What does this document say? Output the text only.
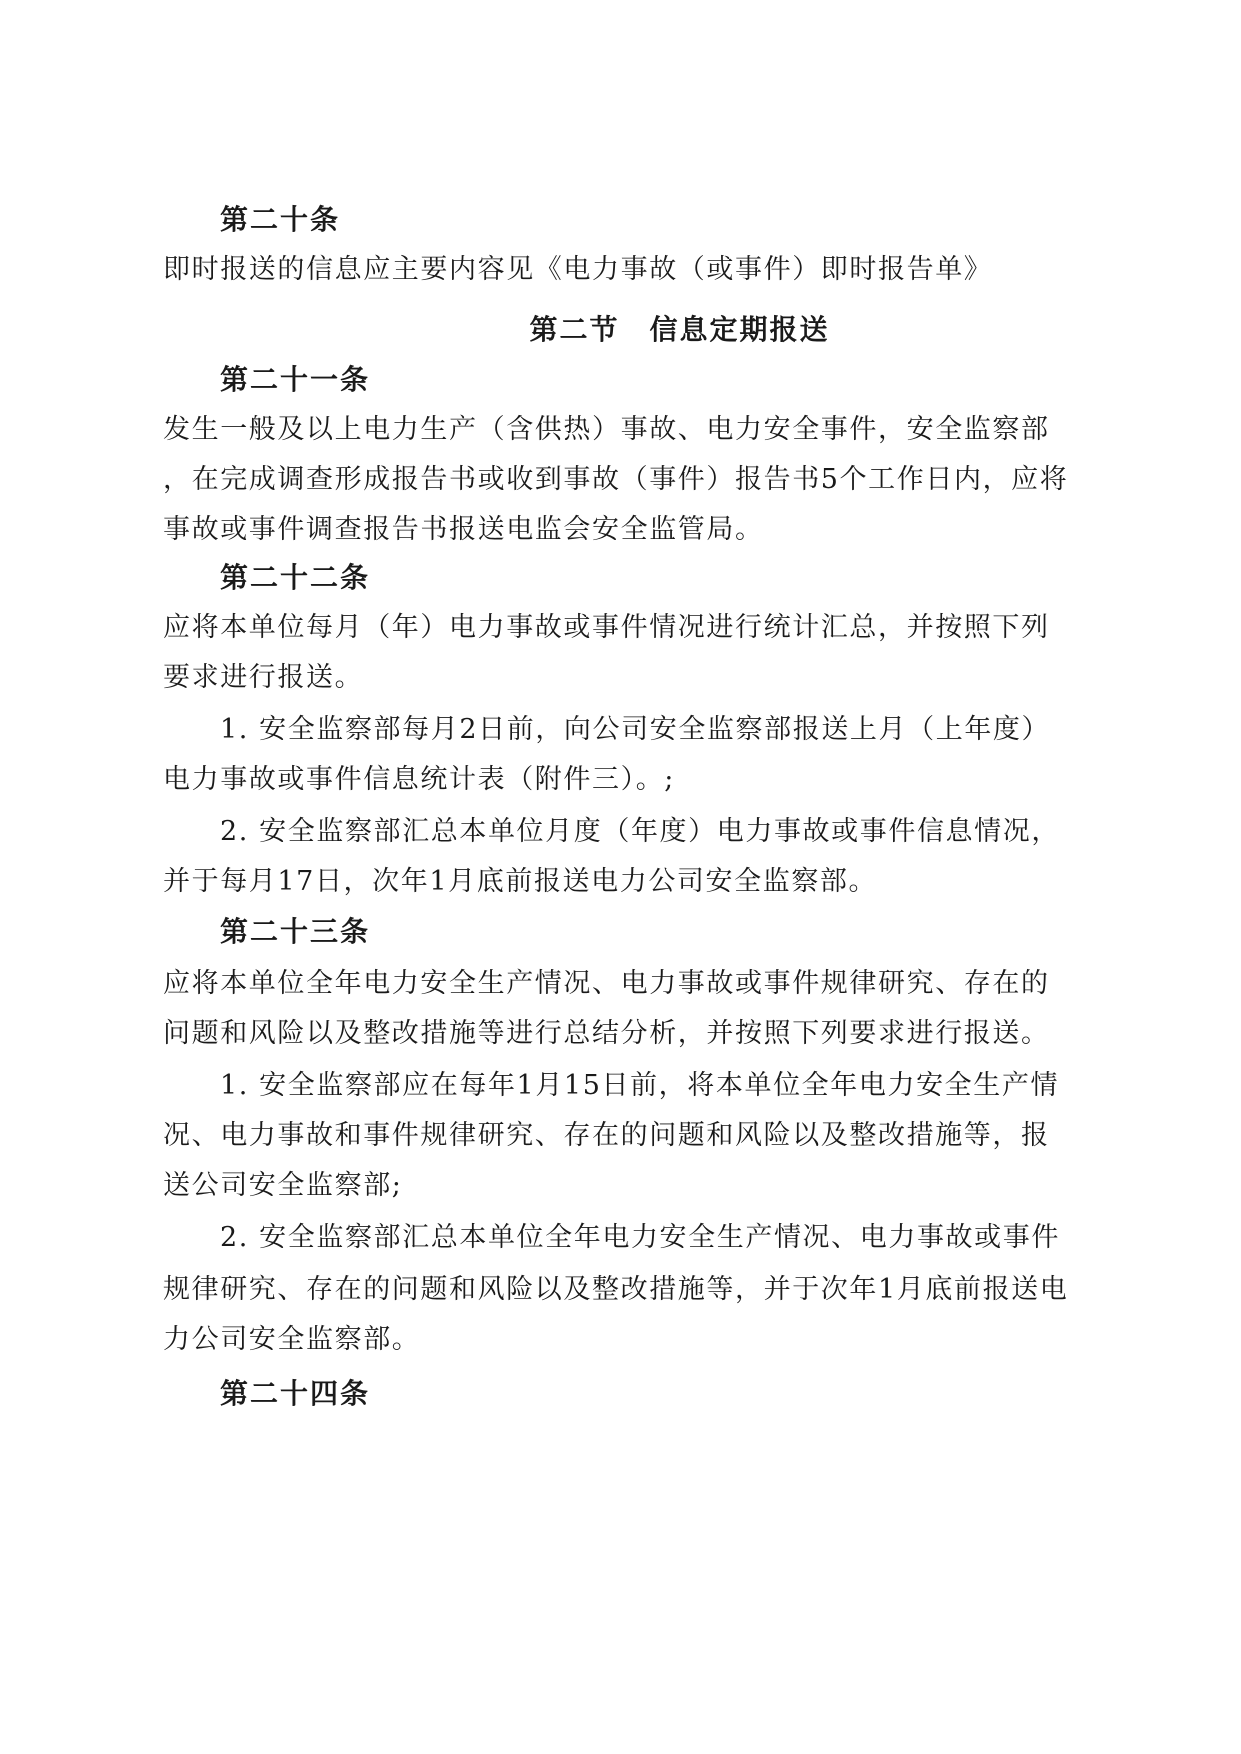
第二十条
即时报送的信息应主要内容见《电力事故（或事件）即时报告单》
第二节　信息定期报送
第二十一条
发生一般及以上电力生产（含供热）事故、电力安全事件，安全监察部
，在完成调查形成报告书或收到事故（事件）报告书5个工作日内，应将
事故或事件调查报告书报送电监会安全监管局。
第二十二条
应将本单位每月（年）电力事故或事件情况进行统计汇总，并按照下列
要求进行报送。
1. 安全监察部每月2日前，向公司安全监察部报送上月（上年度）
电力事故或事件信息统计表（附件三）。;
2. 安全监察部汇总本单位月度（年度）电力事故或事件信息情况，
并于每月17日，次年1月底前报送电力公司安全监察部。
第二十三条
应将本单位全年电力安全生产情况、电力事故或事件规律研究、存在的
问题和风险以及整改措施等进行总结分析，并按照下列要求进行报送。
1. 安全监察部应在每年1月15日前，将本单位全年电力安全生产情
况、电力事故和事件规律研究、存在的问题和风险以及整改措施等，报
送公司安全监察部;
2. 安全监察部汇总本单位全年电力安全生产情况、电力事故或事件
规律研究、存在的问题和风险以及整改措施等，并于次年1月底前报送电
力公司安全监察部。
第二十四条
